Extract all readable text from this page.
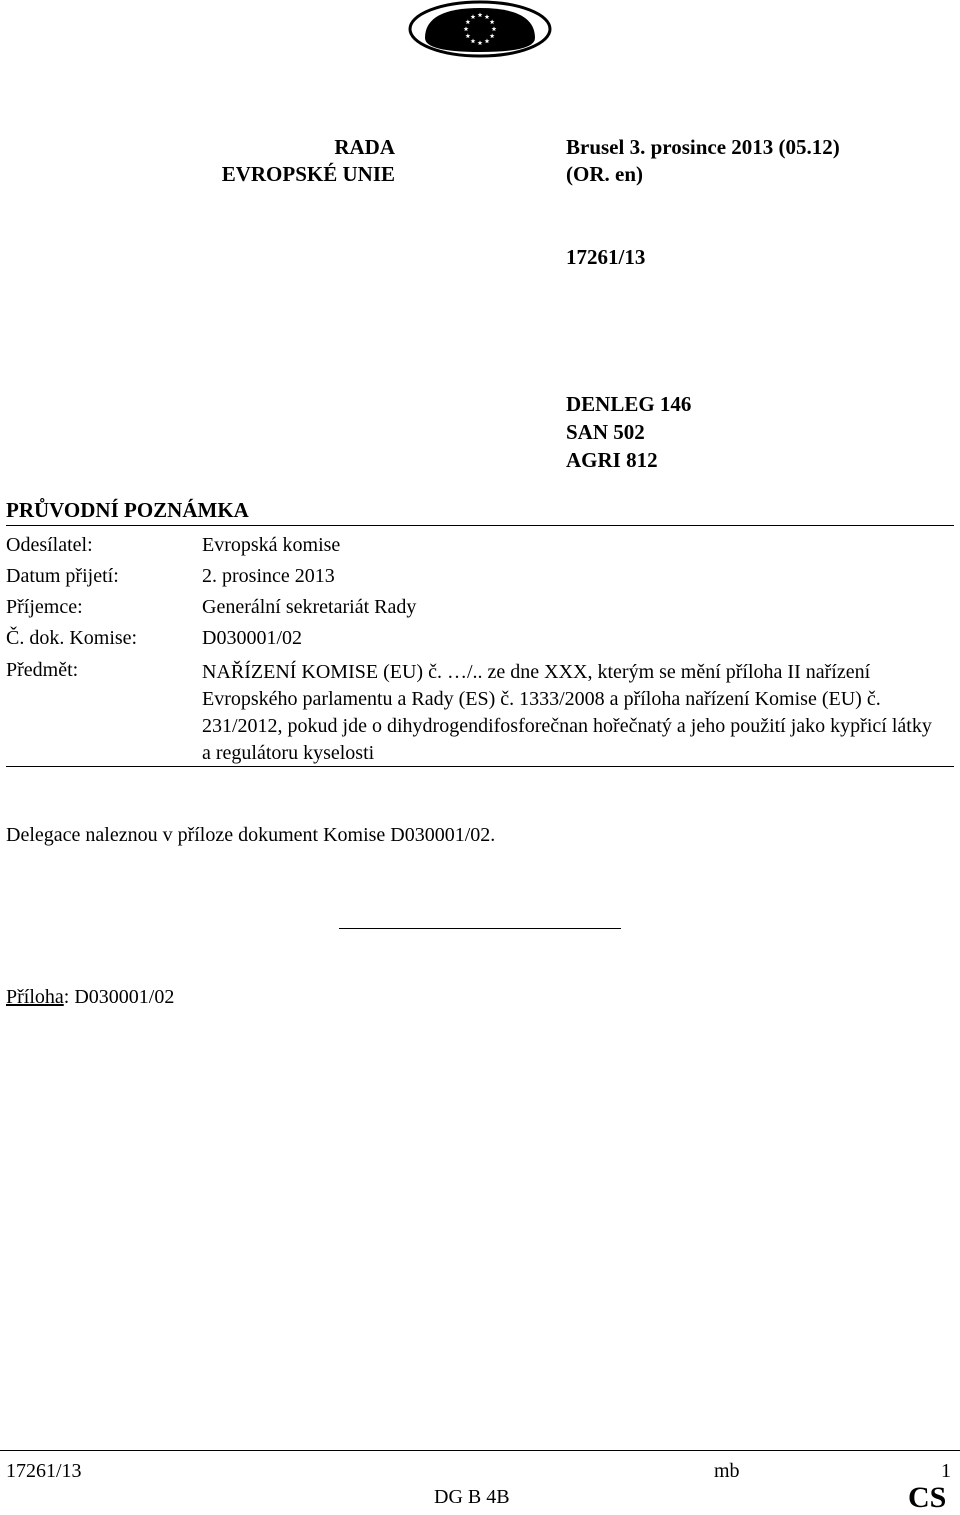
RADA
EVROPSKÉ UNIE
Brusel 3. prosince 2013 (05.12)
(OR. en)
17261/13
DENLEG 146
SAN 502
AGRI 812
PRŮVODNÍ POZNÁMKA
Odesílatel:	Evropská komise
Datum přijetí:	2. prosince 2013
Příjemce:	Generální sekretariát Rady
Č. dok. Komise:	D030001/02
Předmět:	NAŘÍZENÍ KOMISE (EU) č. …/.. ze dne XXX, kterým se mění příloha II nařízení Evropského parlamentu a Rady (ES) č. 1333/2008 a příloha nařízení Komise (EU) č. 231/2012, pokud jde o dihydrogendifosforečnan hořečnatý a jeho použití jako kypřicí látky a regulátoru kyselosti
Delegace naleznou v příloze dokument Komise D030001/02.
Příloha: D030001/02
17261/13	mb	1
DG B 4B	CS
